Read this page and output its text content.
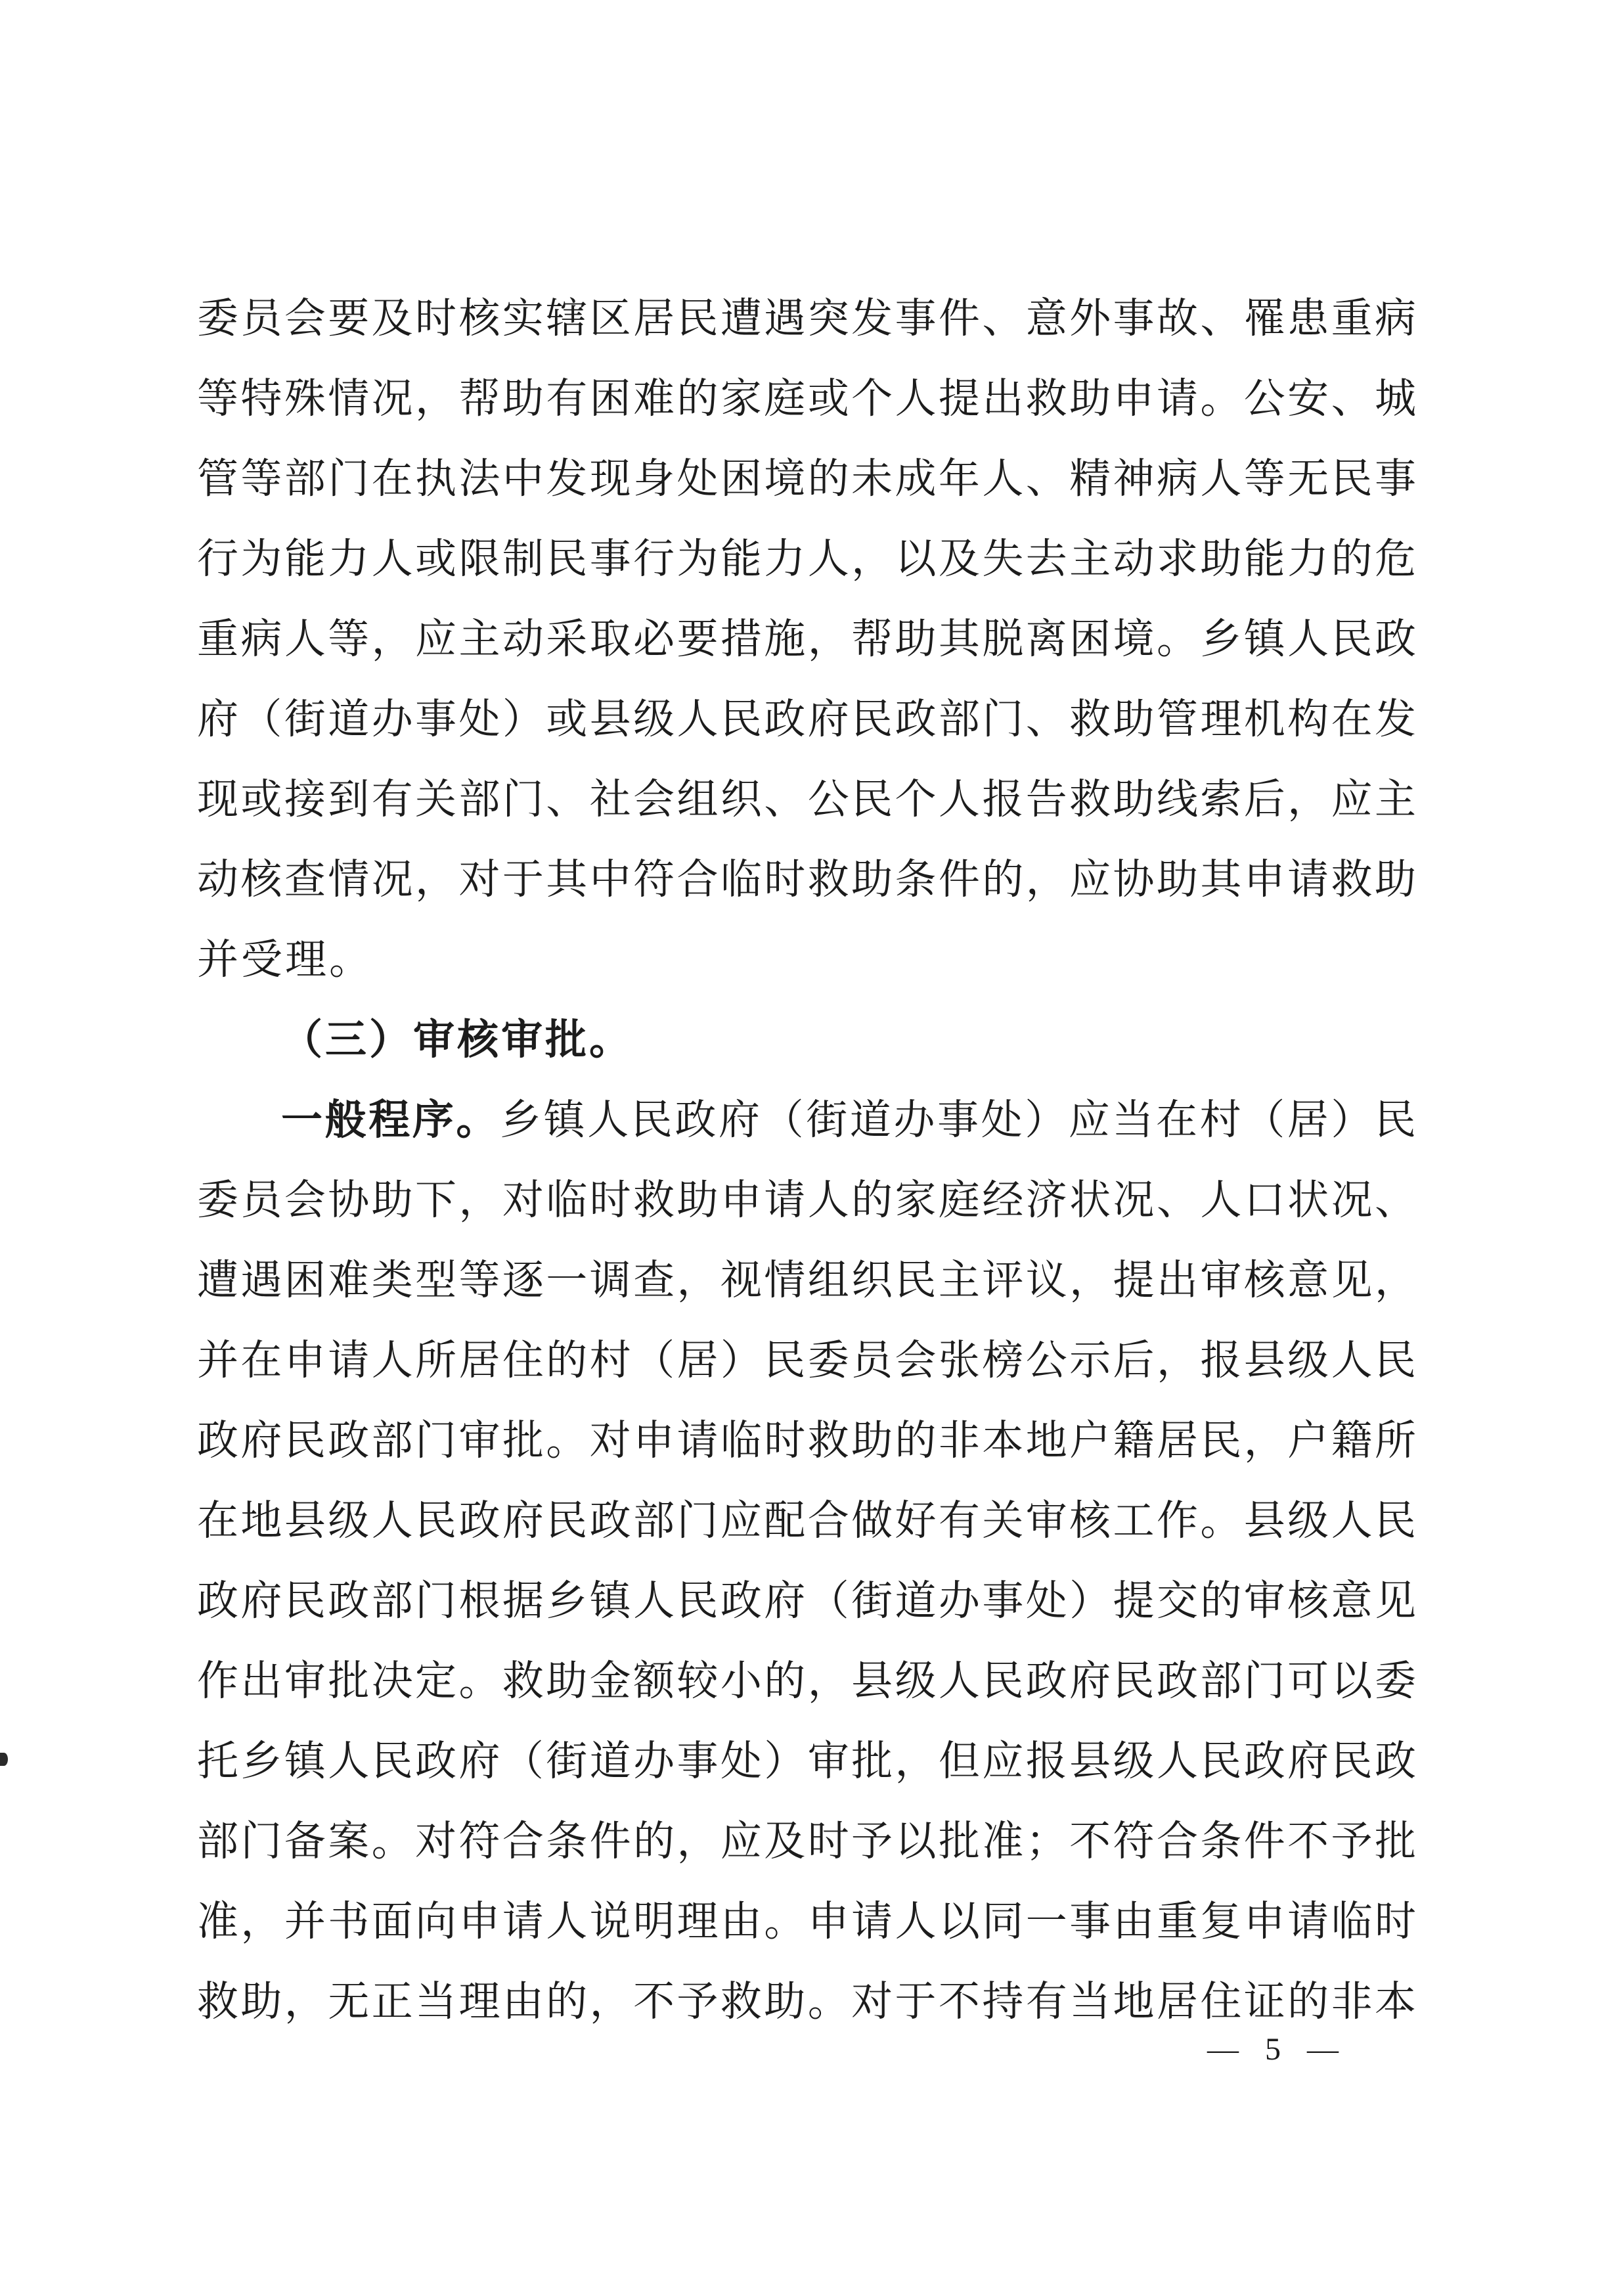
委员会要及时核实辖区居民遭遇突发事件、意外事故、罹患重病
等特殊情况，帮助有困难的家庭或个人提出救助申请。公安、城
管等部门在执法中发现身处困境的未成年人、精神病人等无民事
行为能力人或限制民事行为能力人，以及失去主动求助能力的危
重病人等，应主动采取必要措施，帮助其脱离困境。乡镇人民政
府（街道办事处）或县级人民政府民政部门、救助管理机构在发
现或接到有关部门、社会组织、公民个人报告救助线索后，应主
动核查情况，对于其中符合临时救助条件的，应协助其申请救助
并受理。
（三）审核审批。
一般程序。乡镇人民政府（街道办事处）应当在村（居）民
委员会协助下，对临时救助申请人的家庭经济状况、人口状况、
遭遇困难类型等逐一调查，视情组织民主评议，提出审核意见，
并在申请人所居住的村（居）民委员会张榜公示后，报县级人民
政府民政部门审批。对申请临时救助的非本地户籍居民，户籍所
在地县级人民政府民政部门应配合做好有关审核工作。县级人民
政府民政部门根据乡镇人民政府（街道办事处）提交的审核意见
作出审批决定。救助金额较小的，县级人民政府民政部门可以委
托乡镇人民政府（街道办事处）审批，但应报县级人民政府民政
部门备案。对符合条件的，应及时予以批准；不符合条件不予批
准，并书面向申请人说明理由。申请人以同一事由重复申请临时
救助，无正当理由的，不予救助。对于不持有当地居住证的非本
— 5 —
